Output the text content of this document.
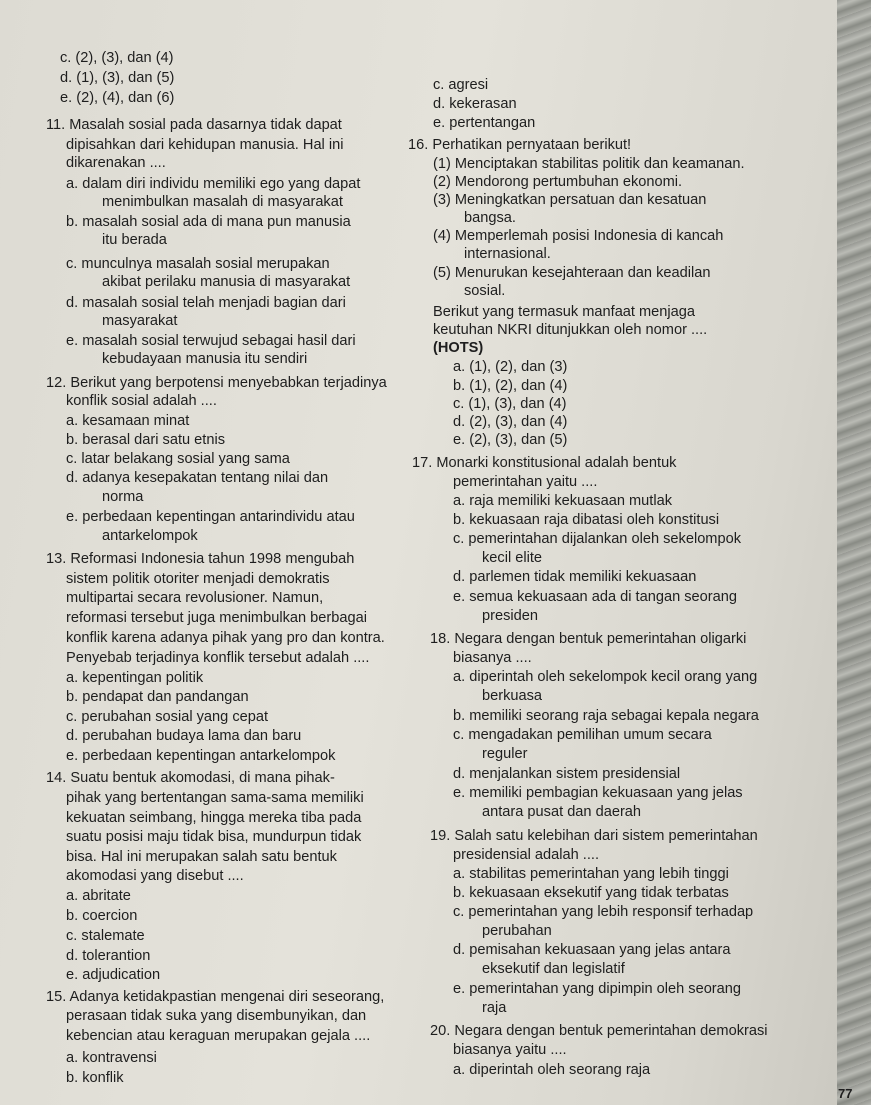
c. (2), (3), dan (4)
d. (1), (3), dan (5)
e. (2), (4), dan (6)
11. Masalah sosial pada dasarnya tidak dapat
dipisahkan dari kehidupan manusia. Hal ini
dikarenakan ....
a. dalam diri individu memiliki ego yang dapat
menimbulkan masalah di masyarakat
b. masalah sosial ada di mana pun manusia
itu berada
c. munculnya masalah sosial merupakan
akibat perilaku manusia di masyarakat
d. masalah sosial telah menjadi bagian dari
masyarakat
e. masalah sosial terwujud sebagai hasil dari
kebudayaan manusia itu sendiri
12. Berikut yang berpotensi menyebabkan terjadinya
konflik sosial adalah ....
a. kesamaan minat
b. berasal dari satu etnis
c. latar belakang sosial yang sama
d. adanya kesepakatan tentang nilai dan
norma
e. perbedaan kepentingan antarindividu atau
antarkelompok
13. Reformasi Indonesia tahun 1998 mengubah
sistem politik otoriter menjadi demokratis
multipartai secara revolusioner. Namun,
reformasi tersebut juga menimbulkan berbagai
konflik karena adanya pihak yang pro dan kontra.
Penyebab terjadinya konflik tersebut adalah ....
a. kepentingan politik
b. pendapat dan pandangan
c. perubahan sosial yang cepat
d. perubahan budaya lama dan baru
e. perbedaan kepentingan antarkelompok
14. Suatu bentuk akomodasi, di mana pihak-
pihak yang bertentangan sama-sama memiliki
kekuatan seimbang, hingga mereka tiba pada
suatu posisi maju tidak bisa, mundurpun tidak
bisa. Hal ini merupakan salah satu bentuk
akomodasi yang disebut ....
a. abritate
b. coercion
c. stalemate
d. tolerantion
e. adjudication
15. Adanya ketidakpastian mengenai diri seseorang,
perasaan tidak suka yang disembunyikan, dan
kebencian atau keraguan merupakan gejala ....
a. kontravensi
b. konflik
c. agresi
d. kekerasan
e. pertentangan
16. Perhatikan pernyataan berikut!
(1) Menciptakan stabilitas politik dan keamanan.
(2) Mendorong pertumbuhan ekonomi.
(3) Meningkatkan persatuan dan kesatuan
bangsa.
(4) Memperlemah posisi Indonesia di kancah
internasional.
(5) Menurukan kesejahteraan dan keadilan
sosial.
Berikut yang termasuk manfaat menjaga
keutuhan NKRI ditunjukkan oleh nomor ....
(HOTS)
a. (1), (2), dan (3)
b. (1), (2), dan (4)
c. (1), (3), dan (4)
d. (2), (3), dan (4)
e. (2), (3), dan (5)
17. Monarki konstitusional adalah bentuk
pemerintahan yaitu ....
a. raja memiliki kekuasaan mutlak
b. kekuasaan raja dibatasi oleh konstitusi
c. pemerintahan dijalankan oleh sekelompok
kecil elite
d. parlemen tidak memiliki kekuasaan
e. semua kekuasaan ada di tangan seorang
presiden
18. Negara dengan bentuk pemerintahan oligarki
biasanya ....
a. diperintah oleh sekelompok kecil orang yang
berkuasa
b. memiliki seorang raja sebagai kepala negara
c. mengadakan pemilihan umum secara
reguler
d. menjalankan sistem presidensial
e. memiliki pembagian kekuasaan yang jelas
antara pusat dan daerah
19. Salah satu kelebihan dari sistem pemerintahan
presidensial adalah ....
a. stabilitas pemerintahan yang lebih tinggi
b. kekuasaan eksekutif yang tidak terbatas
c. pemerintahan yang lebih responsif terhadap
perubahan
d. pemisahan kekuasaan yang jelas antara
eksekutif dan legislatif
e. pemerintahan yang dipimpin oleh seorang
raja
20. Negara dengan bentuk pemerintahan demokrasi
biasanya yaitu ....
a. diperintah oleh seorang raja
77
